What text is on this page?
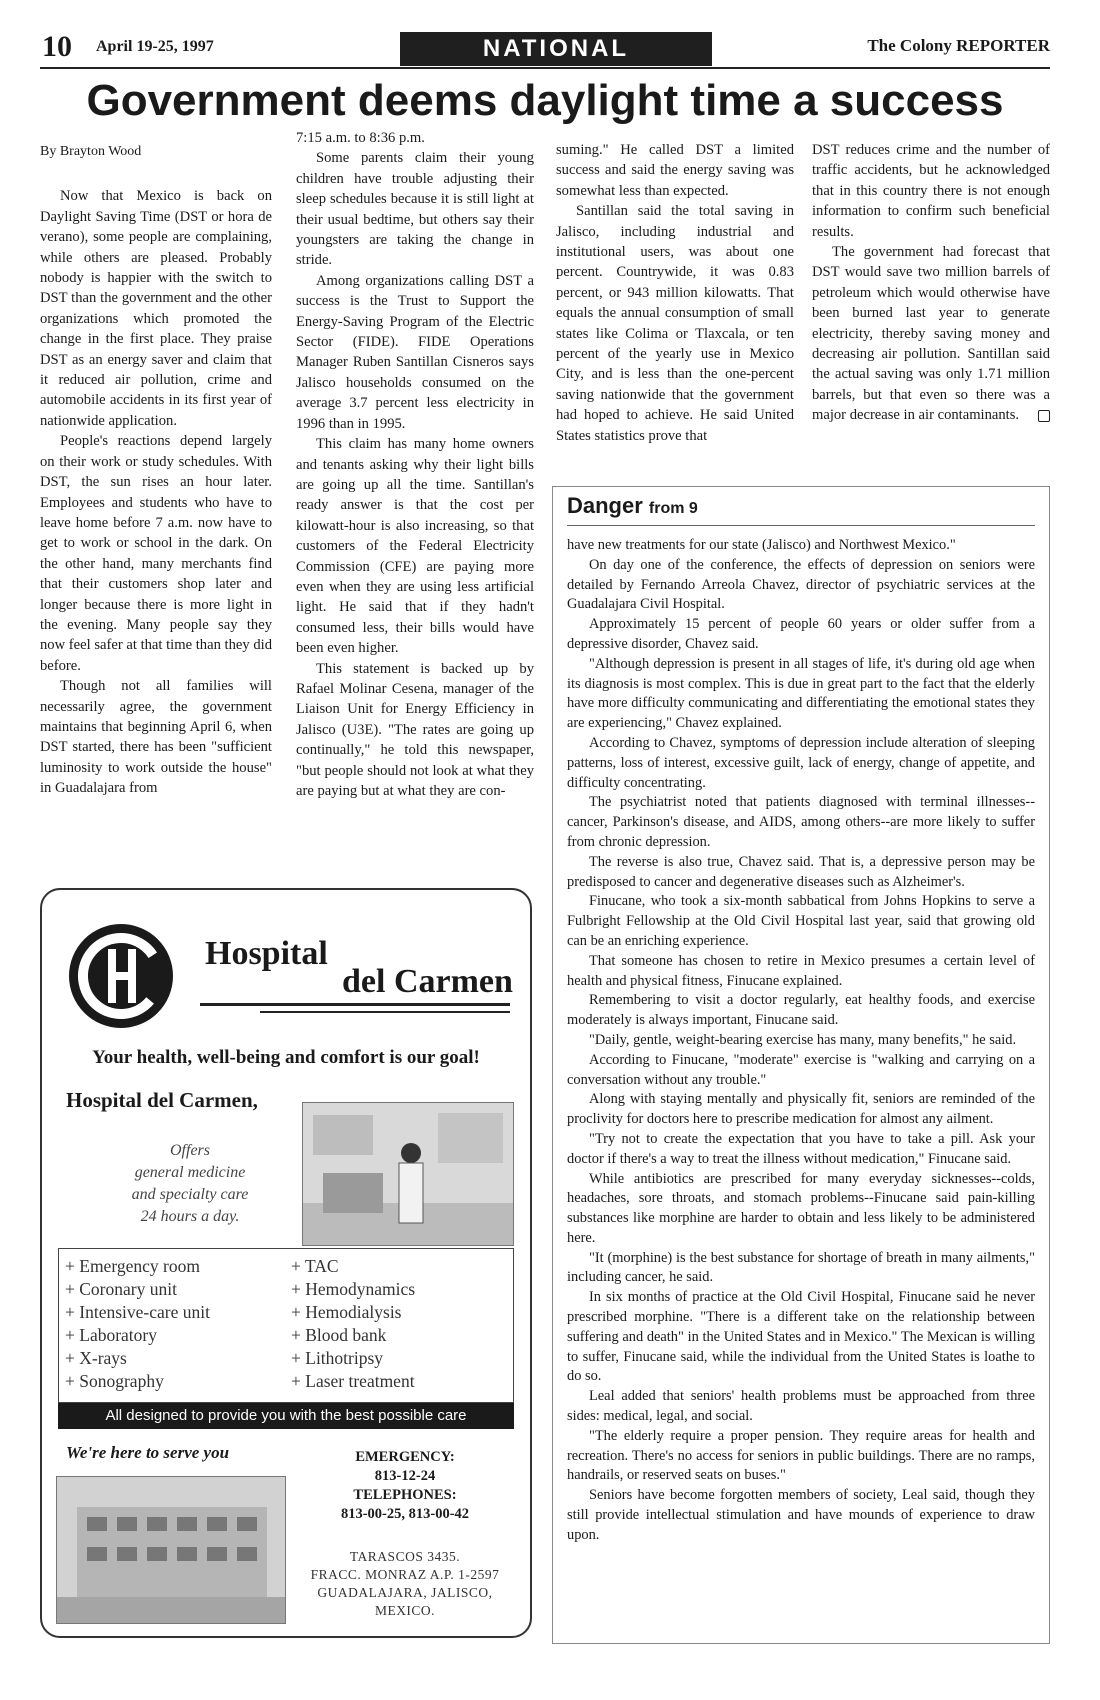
10 April 19-25, 1997	NATIONAL	The Colony REPORTER
Government deems daylight time a success
By Brayton Wood

Now that Mexico is back on Daylight Saving Time (DST or hora de verano), some people are complaining, while others are pleased. Probably nobody is happier with the switch to DST than the government and the other organizations which promoted the change in the first place. They praise DST as an energy saver and claim that it reduced air pollution, crime and automobile accidents in its first year of nationwide application.

People's reactions depend largely on their work or study schedules. With DST, the sun rises an hour later. Employees and students who have to leave home before 7 a.m. now have to get to work or school in the dark. On the other hand, many merchants find that their customers shop later and longer because there is more light in the evening. Many people say they now feel safer at that time than they did before.

Though not all families will necessarily agree, the government maintains that beginning April 6, when DST started, there has been "sufficient luminosity to work outside the house" in Guadalajara from

7:15 a.m. to 8:36 p.m.

Some parents claim their young children have trouble adjusting their sleep schedules because it is still light at their usual bedtime, but others say their youngsters are taking the change in stride.

Among organizations calling DST a success is the Trust to Support the Energy-Saving Program of the Electric Sector (FIDE). FIDE Operations Manager Ruben Santillan Cisneros says Jalisco households consumed on the average 3.7 percent less electricity in 1996 than in 1995.

This claim has many home owners and tenants asking why their light bills are going up all the time. Santillan's ready answer is that the cost per kilowatt-hour is also increasing, so that customers of the Federal Electricity Commission (CFE) are paying more even when they are using less artificial light. He said that if they hadn't consumed less, their bills would have been even higher.

This statement is backed up by Rafael Molinar Cesena, manager of the Liaison Unit for Energy Efficiency in Jalisco (U3E). "The rates are going up continually," he told this newspaper, "but people should not look at what they are paying but at what they are con-

suming." He called DST a limited success and said the energy saving was somewhat less than expected.

Santillan said the total saving in Jalisco, including industrial and institutional users, was about one percent. Countrywide, it was 0.83 percent, or 943 million kilowatts. That equals the annual consumption of small states like Colima or Tlaxcala, or ten percent of the yearly use in Mexico City, and is less than the one-percent saving nationwide that the government had hoped to achieve. He said United States statistics prove that

DST reduces crime and the number of traffic accidents, but he acknowledged that in this country there is not enough information to confirm such beneficial results.

The government had forecast that DST would save two million barrels of petroleum which would otherwise have been burned last year to generate electricity, thereby saving money and decreasing air pollution. Santillan said the actual saving was only 1.71 million barrels, but that even so there was a major decrease in air contaminants.

Danger from 9

have new treatments for our state (Jalisco) and Northwest Mexico."

On day one of the conference, the effects of depression on seniors were detailed by Fernando Arreola Chavez, director of psychiatric services at the Guadalajara Civil Hospital.

Approximately 15 percent of people 60 years or older suffer from a depressive disorder, Chavez said.

"Although depression is present in all stages of life, it's during old age when its diagnosis is most complex. This is due in great part to the fact that the elderly have more difficulty communicating and differentiating the emotional states they are experiencing," Chavez explained.

According to Chavez, symptoms of depression include alteration of sleeping patterns, loss of interest, excessive guilt, lack of energy, change of appetite, and difficulty concentrating.

The psychiatrist noted that patients diagnosed with terminal illnesses--cancer, Parkinson's disease, and AIDS, among others--are more likely to suffer from chronic depression.

The reverse is also true, Chavez said. That is, a depressive person may be predisposed to cancer and degenerative diseases such as Alzheimer's.

Finucane, who took a six-month sabbatical from Johns Hopkins to serve a Fulbright Fellowship at the Old Civil Hospital last year, said that growing old can be an enriching experience.

That someone has chosen to retire in Mexico presumes a certain level of health and physical fitness, Finucane explained.

Remembering to visit a doctor regularly, eat healthy foods, and exercise moderately is always important, Finucane said.

"Daily, gentle, weight-bearing exercise has many, many benefits," he said.

According to Finucane, "moderate" exercise is "walking and carrying on a conversation without any trouble."

Along with staying mentally and physically fit, seniors are reminded of the proclivity for doctors here to prescribe medication for almost any ailment.

"Try not to create the expectation that you have to take a pill. Ask your doctor if there's a way to treat the illness without medication," Finucane said.

While antibiotics are prescribed for many everyday sicknesses--colds, headaches, sore throats, and stomach problems--Finucane said pain-killing substances like morphine are harder to obtain and less likely to be administered here.

"It (morphine) is the best substance for shortage of breath in many ailments," including cancer, he said.

In six months of practice at the Old Civil Hospital, Finucane said he never prescribed morphine. "There is a different take on the relationship between suffering and death" in the United States and in Mexico." The Mexican is willing to suffer, Finucane said, while the individual from the United States is loathe to do so.

Leal added that seniors' health problems must be approached from three sides: medical, legal, and social.

"The elderly require a proper pension. They require areas for health and recreation. There's no access for seniors in public buildings. There are no ramps, handrails, or reserved seats on buses."

Seniors have become forgotten members of society, Leal said, though they still provide intellectual stimulation and have mounds of experience to draw upon.

Hospital
del Carmen
Your health, well-being and comfort is our goal!
Hospital del Carmen,
Offers
general medicine
and specialty care
24 hours a day.
+ Emergency room
+ Coronary unit
+ Intensive-care unit
+ Laboratory
+ X-rays
+ Sonography
+ TAC
+ Hemodynamics
+ Hemodialysis
+ Blood bank
+ Lithotripsy
+ Laser treatment
All designed to provide you with the best possible care
We're here to serve you	EMERGENCY:
813-12-24
TELEPHONES:
813-00-25, 813-00-42
TARASCOS 3435.
FRACC. MONRAZ A.P. 1-2597
GUADALAJARA, JALISCO,
MEXICO.
